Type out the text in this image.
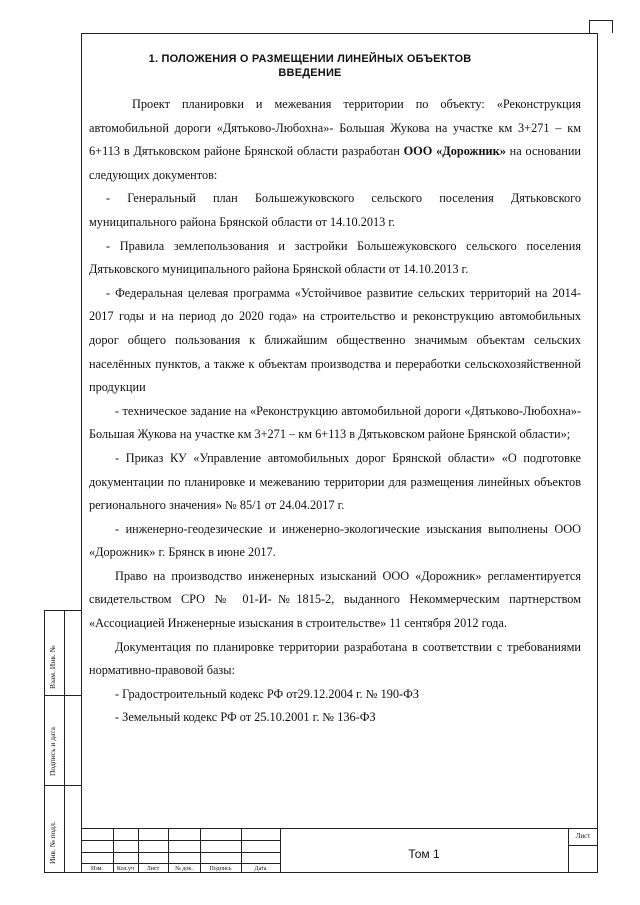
Взам. Инв. №
Подпись и дата
Инв. № подл.
1. ПОЛОЖЕНИЯ О РАЗМЕЩЕНИИ ЛИНЕЙНЫХ ОБЪЕКТОВ
ВВЕДЕНИЕ

Проект планировки и межевания территории по объекту: «Реконструкция автомобильной дороги «Дятьково-Любохна»- Большая Жукова на участке км 3+271 – км 6+113 в Дятьковском районе Брянской области разработан ООО «Дорожник» на основании следующих документов:

- Генеральный план Большежуковского сельского поселения Дятьковского муниципального района Брянской области от 14.10.2013 г.

- Правила землепользования и застройки Большежуковского сельского поселения Дятьковского муниципального района Брянской области от 14.10.2013 г.

- Федеральная целевая программа «Устойчивое развитие сельских территорий на 2014-2017 годы и на период до 2020 года» на строительство и реконструкцию автомобильных дорог общего пользования к ближайшим общественно значимым объектам сельских населённых пунктов, а также к объектам производства и переработки сельскохозяйственной продукции

- техническое задание на «Реконструкцию автомобильной дороги «Дятьково-Любохна»- Большая Жукова на участке км 3+271 – км 6+113 в Дятьковском районе Брянской области»;

- Приказ КУ «Управление автомобильных дорог Брянской области» «О подготовке документации по планировке и межеванию территории для размещения линейных объектов регионального значения» № 85/1 от 24.04.2017 г.

- инженерно-геодезические и инженерно-экологические изыскания выполнены ООО «Дорожник» г. Брянск в июне 2017.

Право на производство инженерных изысканий ООО «Дорожник» регламентируется свидетельством СРО № 01-И-№1815-2, выданного Некоммерческим партнерством «Ассоциацией Инженерные изыскания в строительстве» 11 сентября 2012 года.

Документация по планировке территории разработана в соответствии с требованиями нормативно-правовой базы:

- Градостроительный кодекс РФ от29.12.2004 г. № 190-ФЗ

- Земельный кодекс РФ от 25.10.2001 г. № 136-ФЗ

Изм.	Кол.уч	Лист	№ док.	Подпись	Дата
Лист
Том 1
